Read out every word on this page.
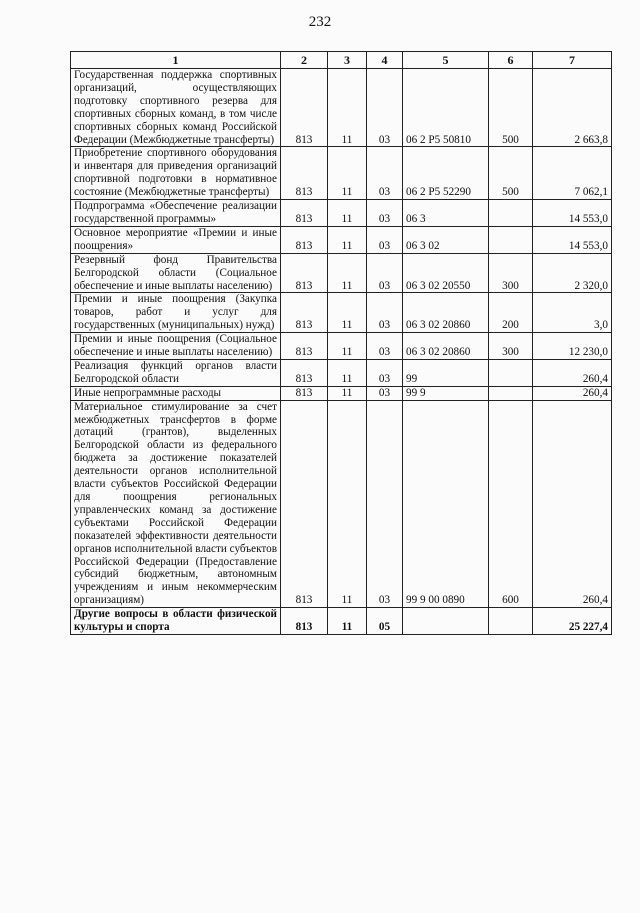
232
1	2	3	4	5	6	7
Государственная поддержка спортивных организаций, осуществляющих подготовку спортивного резерва для спортивных сборных команд, в том числе спортивных сборных команд Российской Федерации (Межбюджетные трансферты)	813	11	03	06 2 Р5 50810	500	2 663,8
Приобретение спортивного оборудования и инвентаря для приведения организаций спортивной подготовки в нормативное состояние (Межбюджетные трансферты)	813	11	03	06 2 Р5 52290	500	7 062,1
Подпрограмма «Обеспечение реализации государственной программы»	813	11	03	06 3		14 553,0
Основное мероприятие «Премии и иные поощрения»	813	11	03	06 3 02		14 553,0
Резервный фонд Правительства Белгородской области (Социальное обеспечение и иные выплаты населению)	813	11	03	06 3 02 20550	300	2 320,0
Премии и иные поощрения (Закупка товаров, работ и услуг для государственных (муниципальных) нужд)	813	11	03	06 3 02 20860	200	3,0
Премии и иные поощрения (Социальное обеспечение и иные выплаты населению)	813	11	03	06 3 02 20860	300	12 230,0
Реализация функций органов власти Белгородской области	813	11	03	99		260,4
Иные непрограммные расходы	813	11	03	99 9		260,4
Материальное стимулирование за счет межбюджетных трансфертов в форме дотаций (грантов), выделенных Белгородской области из федерального бюджета за достижение показателей деятельности органов исполнительной власти субъектов Российской Федерации для поощрения региональных управленческих команд за достижение субъектами Российской Федерации показателей эффективности деятельности органов исполнительной власти субъектов Российской Федерации (Предоставление субсидий бюджетным, автономным учреждениям и иным некоммерческим организациям)	813	11	03	99 9 00 0890	600	260,4
Другие вопросы в области физической культуры и спорта	813	11	05			25 227,4
